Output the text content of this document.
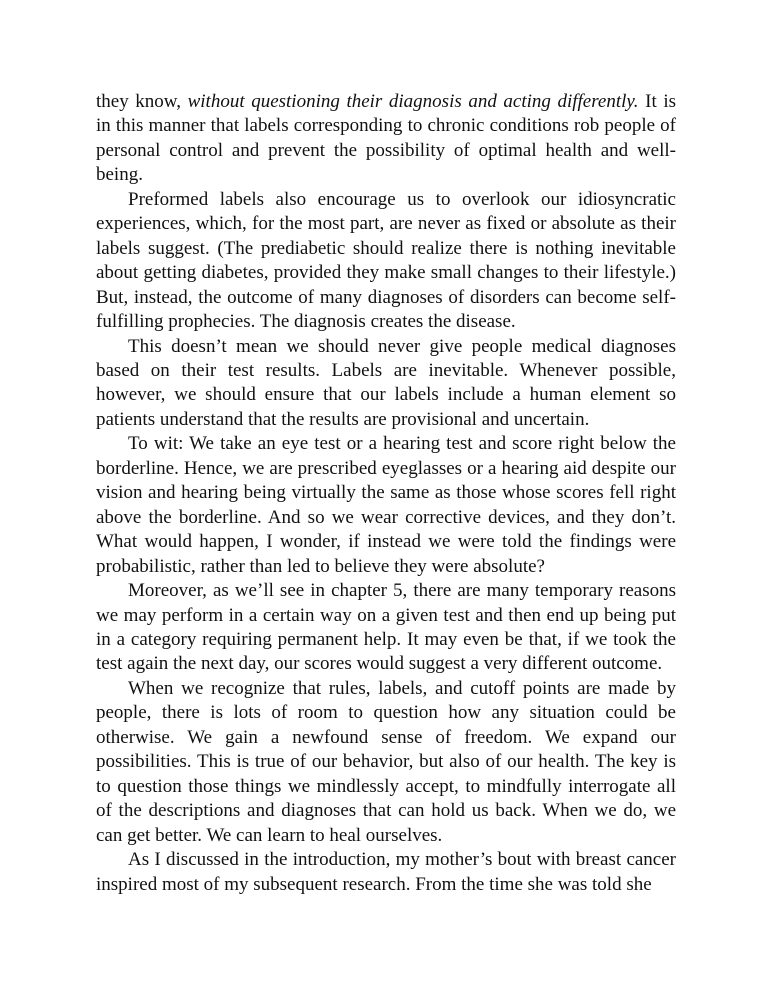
they know, without questioning their diagnosis and acting differently. It is in this manner that labels corresponding to chronic conditions rob people of personal control and prevent the possibility of optimal health and well-being.

Preformed labels also encourage us to overlook our idiosyncratic experiences, which, for the most part, are never as fixed or absolute as their labels suggest. (The prediabetic should realize there is nothing inevitable about getting diabetes, provided they make small changes to their lifestyle.) But, instead, the outcome of many diagnoses of disorders can become self-fulfilling prophecies. The diagnosis creates the disease.

This doesn’t mean we should never give people medical diagnoses based on their test results. Labels are inevitable. Whenever possible, however, we should ensure that our labels include a human element so patients understand that the results are provisional and uncertain.

To wit: We take an eye test or a hearing test and score right below the borderline. Hence, we are prescribed eyeglasses or a hearing aid despite our vision and hearing being virtually the same as those whose scores fell right above the borderline. And so we wear corrective devices, and they don’t. What would happen, I wonder, if instead we were told the findings were probabilistic, rather than led to believe they were absolute?

Moreover, as we’ll see in chapter 5, there are many temporary reasons we may perform in a certain way on a given test and then end up being put in a category requiring permanent help. It may even be that, if we took the test again the next day, our scores would suggest a very different outcome.

When we recognize that rules, labels, and cutoff points are made by people, there is lots of room to question how any situation could be otherwise. We gain a newfound sense of freedom. We expand our possibilities. This is true of our behavior, but also of our health. The key is to question those things we mindlessly accept, to mindfully interrogate all of the descriptions and diagnoses that can hold us back. When we do, we can get better. We can learn to heal ourselves.

As I discussed in the introduction, my mother’s bout with breast cancer inspired most of my subsequent research. From the time she was told she
